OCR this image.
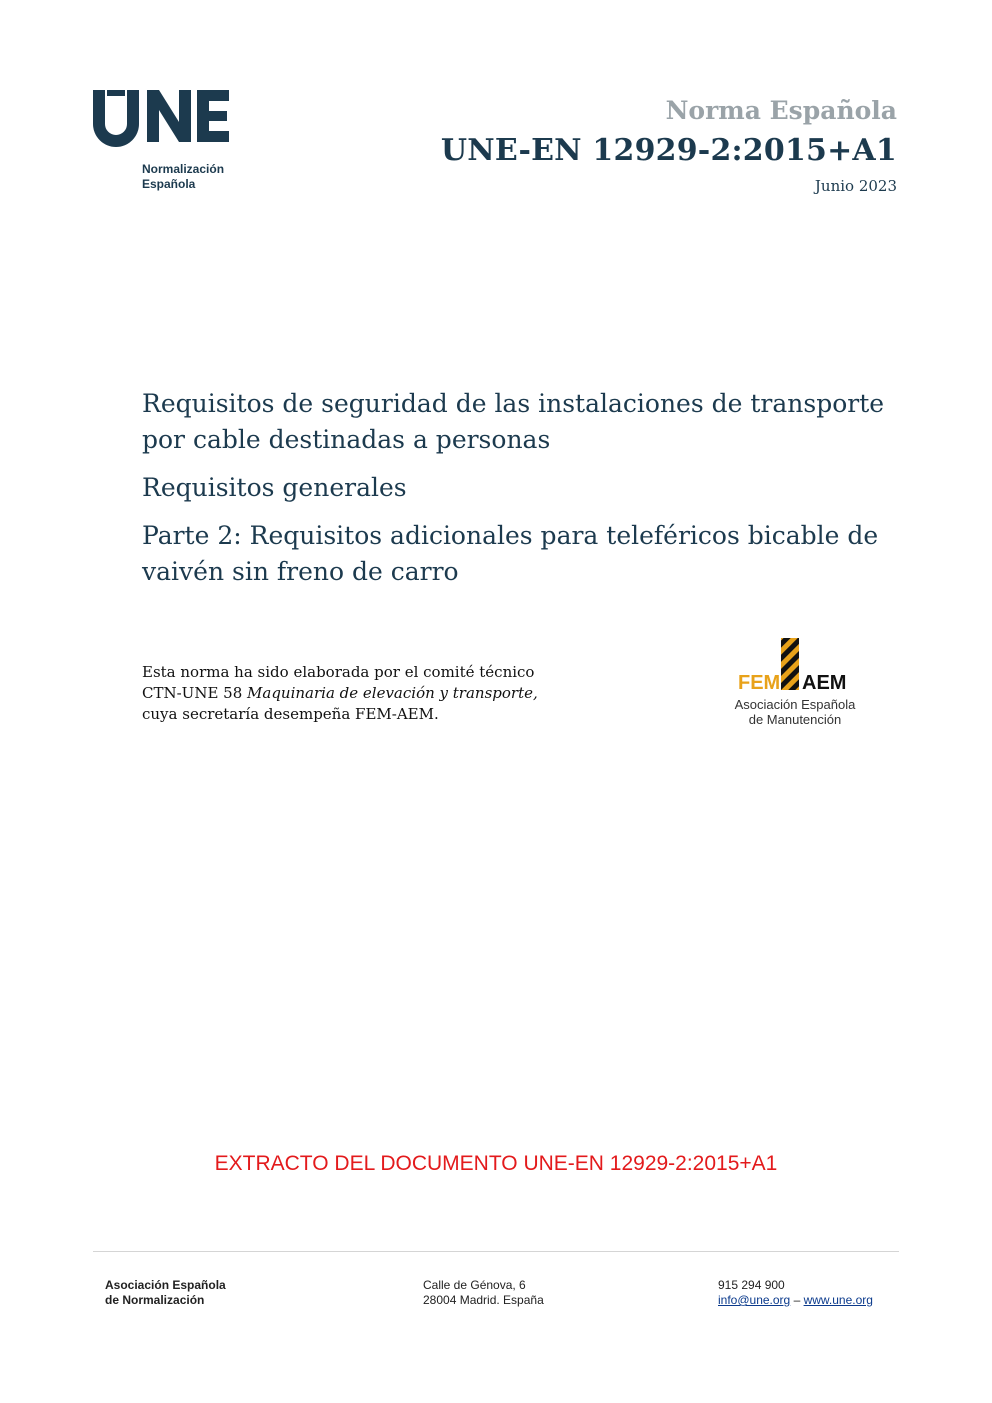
Normalización
Española
Norma Española
UNE-EN 12929-2:2015+A1
Junio 2023

Requisitos de seguridad de las instalaciones de transporte por cable destinadas a personas

Requisitos generales

Parte 2: Requisitos adicionales para teleféricos bicable de vaivén sin freno de carro

Esta norma ha sido elaborada por el comité técnico
CTN-UNE 58 Maquinaria de elevación y transporte,
cuya secretaría desempeña FEM-AEM.
FEM AEM
Asociación Española
de Manutención
EXTRACTO DEL DOCUMENTO UNE-EN 12929-2:2015+A1
Asociación Española
de Normalización
Calle de Génova, 6
28004 Madrid. España
915 294 900
info@une.org – www.une.org
